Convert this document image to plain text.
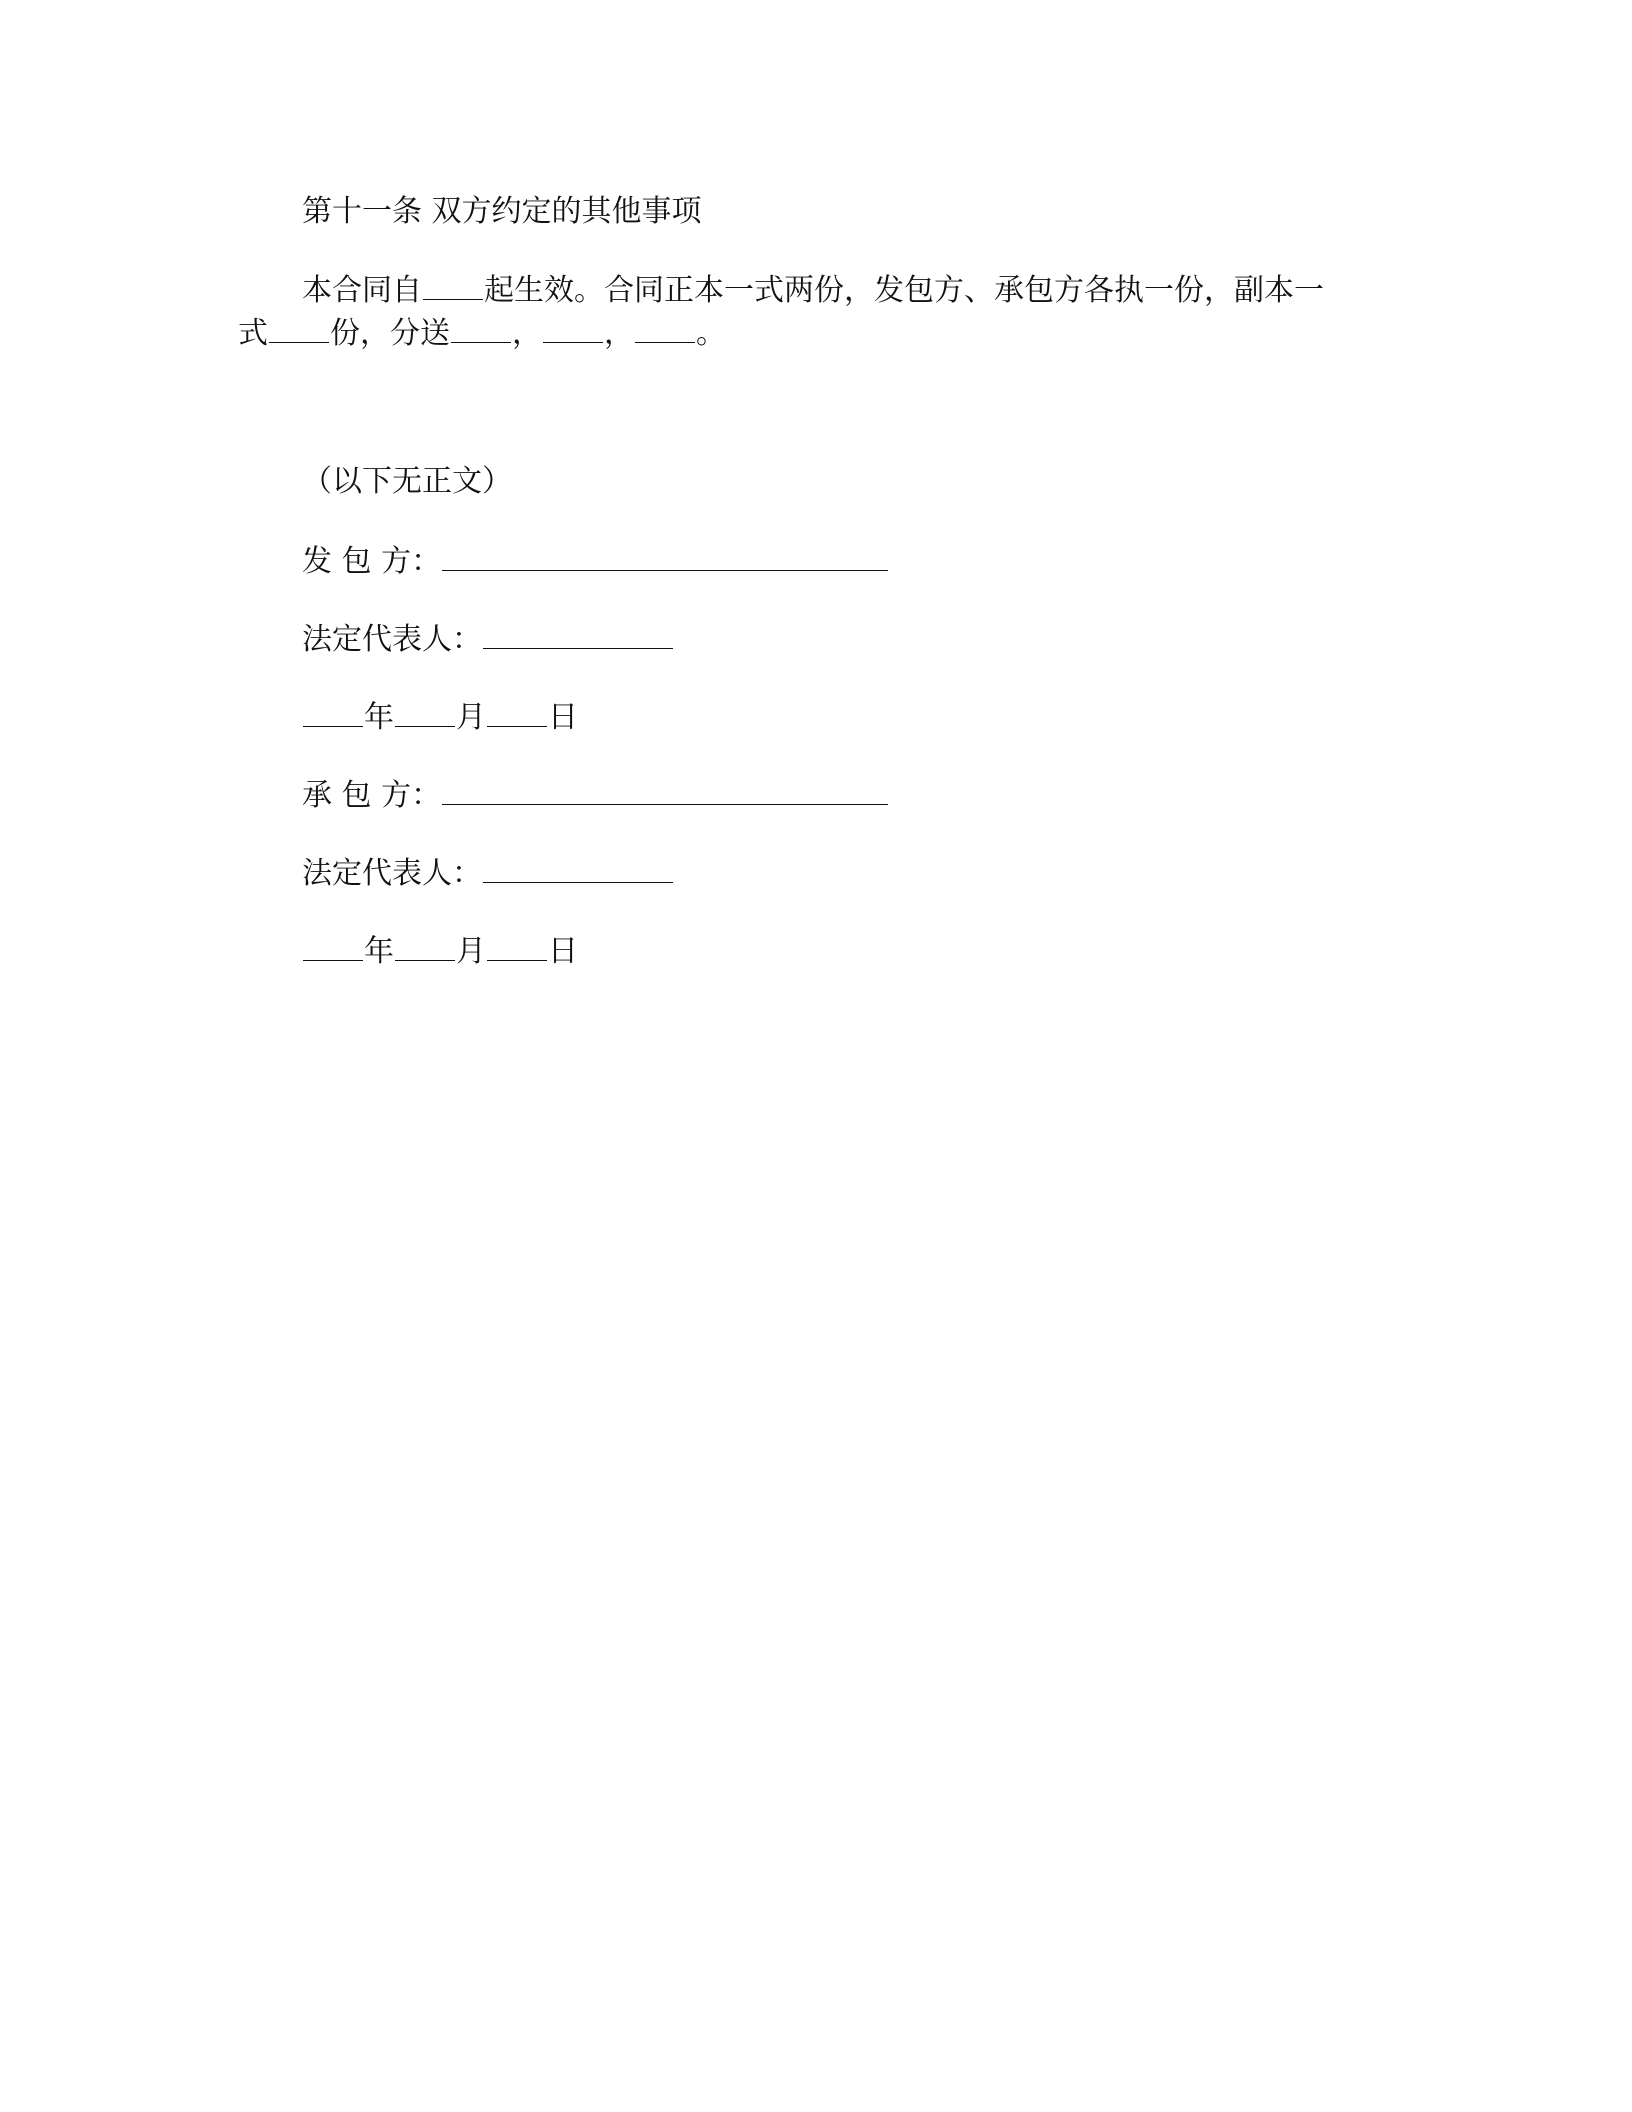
第十一条 双方约定的其他事项
本合同自 起生效。合同正本一式两份，发包方、承包方各执一份，副本一
式 份，分送 ， ， 。
（以下无正文）
发 包 方：
法定代表人：
年 月 日
承 包 方：
法定代表人：
年 月 日
